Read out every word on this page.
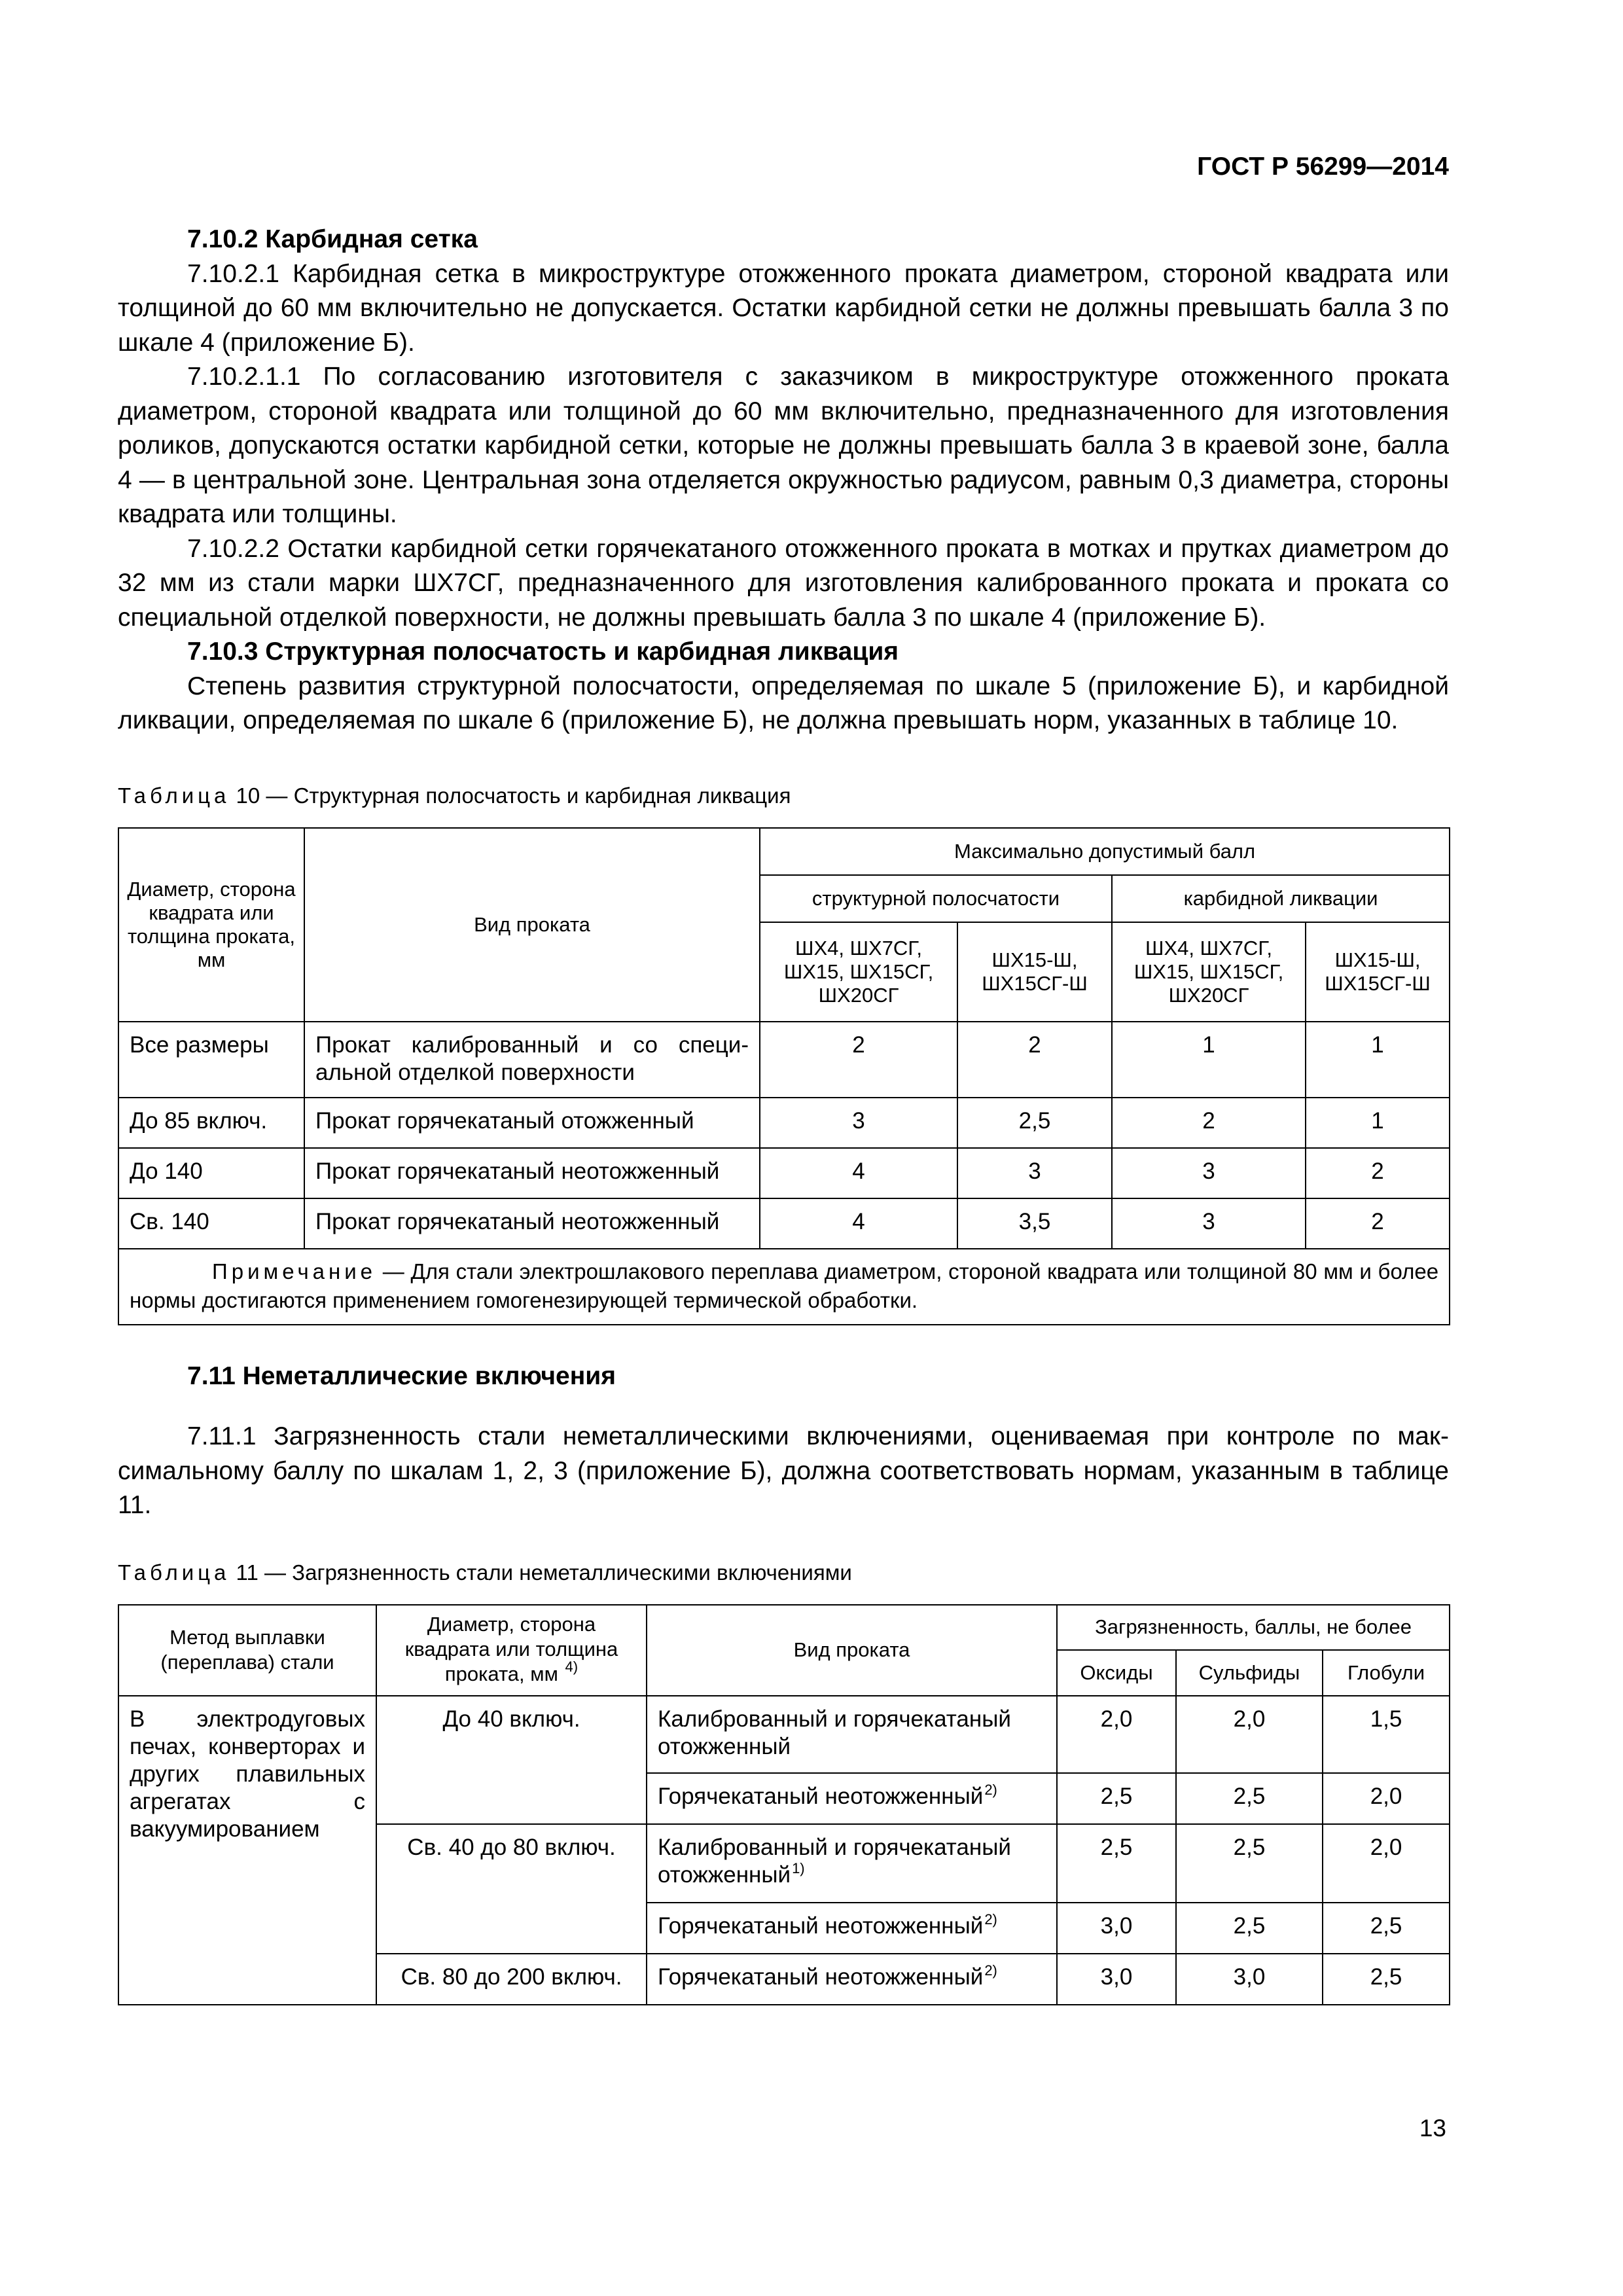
ГОСТ Р 56299—2014

7.10.2 Карбидная сетка

7.10.2.1 Карбидная сетка в микроструктуре отожженного проката диаметром, стороной квадрата или толщиной до 60 мм включительно не допускается. Остатки карбидной сетки не должны превышать балла 3 по шкале 4 (приложение Б).

7.10.2.1.1 По согласованию изготовителя с заказчиком в микроструктуре отожженного проката диаметром, стороной квадрата или толщиной до 60 мм включительно, предназначенного для изготовления роликов, допускаются остатки карбидной сетки, которые не должны превышать балла 3 в краевой зоне, балла 4 — в центральной зоне. Центральная зона отделяется окружностью радиусом, равным 0,3 диаметра, стороны квадрата или толщины.

7.10.2.2 Остатки карбидной сетки горячекатаного отожженного проката в мотках и прутках диаметром до 32 мм из стали марки ШХ7СГ, предназначенного для изготовления калиброванного проката и проката со специальной отделкой поверхности, не должны превышать балла 3 по шкале 4 (приложение Б).

7.10.3 Структурная полосчатость и карбидная ликвация

Степень развития структурной полосчатости, определяемая по шкале 5 (приложение Б), и карбидной ликвации, определяемая по шкале 6 (приложение Б), не должна превышать норм, указанных в таблице 10.

Таблица 10 — Структурная полосчатость и карбидная ликвация
Диаметр, сторона квадрата или толщина проката, мм	Вид проката	Максимально допустимый балл			
		структурной полосчатости		карбидной ликвации	
		ШХ4, ШХ7СГ, ШХ15, ШХ15СГ, ШХ20СГ	ШХ15-Ш, ШХ15СГ-Ш	ШХ4, ШХ7СГ, ШХ15, ШХ15СГ, ШХ20СГ	ШХ15-Ш, ШХ15СГ-Ш
Все размеры	Прокат калиброванный и со специальной отделкой поверхности	2	2	1	1
До 85 включ.	Прокат горячекатаный отожженный	3	2,5	2	1
До 140	Прокат горячекатаный неотожженный	4	3	3	2
Св. 140	Прокат горячекатаный неотожженный	4	3,5	3	2
Примечание — Для стали электрошлакового переплава диаметром, стороной квадрата или толщиной 80 мм и более нормы достигаются применением гомогенезирующей термической обработки.					

7.11 Неметаллические включения

7.11.1 Загрязненность стали неметаллическими включениями, оцениваемая при контроле по максимальному баллу по шкалам 1, 2, 3 (приложение Б), должна соответствовать нормам, указанным в таблице 11.

Таблица 11 — Загрязненность стали неметаллическими включениями
Метод выплавки (переплава) стали	Диаметр, сторона квадрата или толщина проката, мм $^{4)}$	Вид проката	Загрязненность, баллы, не более		
			Оксиды	Сульфиды	Глобули
В электродуговых печах, конверторах и других плавильных агрегатах с вакуумированием	До 40 включ.	Калиброванный и горячекатаный отожженный	2,0	2,0	1,5
		Горячекатаный неотожженный$^{2)}$	2,5	2,5	2,0
	Св. 40 до 80 включ.	Калиброванный и горячекатаный отожженный$^{1)}$	2,5	2,5	2,0
		Горячекатаный неотожженный$^{2)}$	3,0	2,5	2,5
	Св. 80 до 200 включ.	Горячекатаный неотожженный$^{2)}$	3,0	3,0	2,5
13
